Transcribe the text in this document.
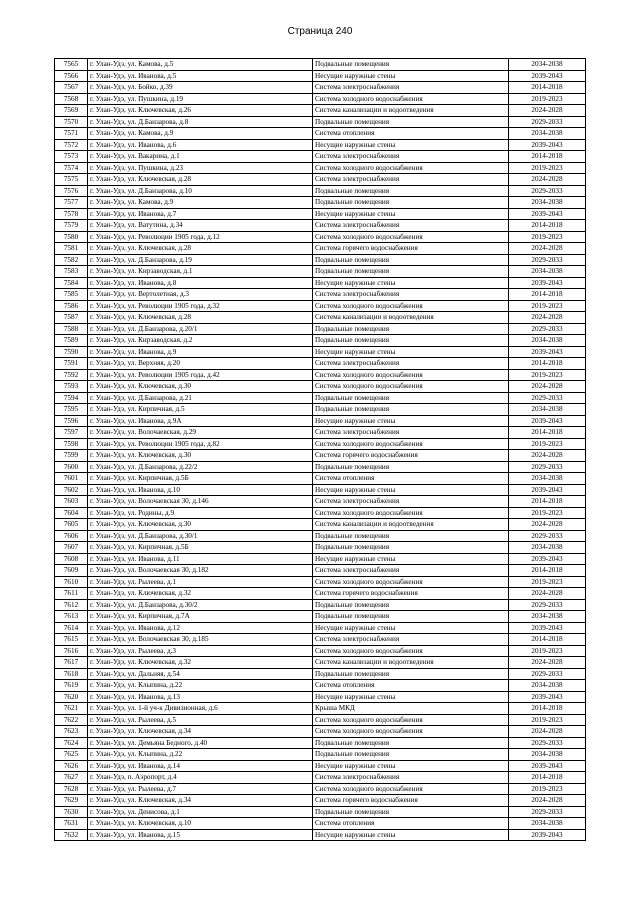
Страница 240
7565	г. Улан-Удэ, ул. Камова, д.5	Подвальные помещения	2034-2038
7566	г. Улан-Удэ, ул. Иванова, д.5	Несущие наружные стены	2039-2043
7567	г. Улан-Удэ, ул. Бойко, д.39	Система электроснабжения	2014-2018
7568	г. Улан-Удэ, ул. Пушкина, д.19	Система холодного водоснабжения	2019-2023
7569	г. Улан-Удэ, ул. Ключевская, д.26	Система канализации и водоотведения	2024-2028
7570	г. Улан-Удэ, ул. Д.Банзарова, д.8	Подвальные помещения	2029-2033
7571	г. Улан-Удэ, ул. Камова, д.9	Система отопления	2034-2038
7572	г. Улан-Удэ, ул. Иванова, д.6	Несущие наружные стены	2039-2043
7573	г. Улан-Удэ, ул. Вакарина, д.1	Система электроснабжения	2014-2018
7574	г. Улан-Удэ, ул. Пушкина, д.23	Система холодного водоснабжения	2019-2023
7575	г. Улан-Удэ, ул. Ключевская, д.28	Система электроснабжения	2024-2028
7576	г. Улан-Удэ, ул. Д.Банзарова, д.10	Подвальные помещения	2029-2033
7577	г. Улан-Удэ, ул. Камова, д.9	Подвальные помещения	2034-2038
7578	г. Улан-Удэ, ул. Иванова, д.7	Несущие наружные стены	2039-2043
7579	г. Улан-Удэ, ул. Ватутина, д.34	Система электроснабжения	2014-2018
7580	г. Улан-Удэ, ул. Революции 1905 года, д.12	Система холодного водоснабжения	2019-2023
7581	г. Улан-Удэ, ул. Ключевская, д.28	Система горячего водоснабжения	2024-2028
7582	г. Улан-Удэ, ул. Д.Банзарова, д.19	Подвальные помещения	2029-2033
7583	г. Улан-Удэ, ул. Кирзаводская, д.1	Подвальные помещения	2034-2038
7584	г. Улан-Удэ, ул. Иванова, д.8	Несущие наружные стены	2039-2043
7585	г. Улан-Удэ, ул. Вертолетная, д.3	Система электроснабжения	2014-2018
7586	г. Улан-Удэ, ул. Революции 1905 года, д.32	Система холодного водоснабжения	2019-2023
7587	г. Улан-Удэ, ул. Ключевская, д.28	Система канализации и водоотведения	2024-2028
7588	г. Улан-Удэ, ул. Д.Банзарова, д.20/1	Подвальные помещения	2029-2033
7589	г. Улан-Удэ, ул. Кирзаводская, д.2	Подвальные помещения	2034-2038
7590	г. Улан-Удэ, ул. Иванова, д.9	Несущие наружные стены	2039-2043
7591	г. Улан-Удэ, ул. Верхняя, д.20	Система электроснабжения	2014-2018
7592	г. Улан-Удэ, ул. Революции 1905 года, д.42	Система холодного водоснабжения	2019-2023
7593	г. Улан-Удэ, ул. Ключевская, д.30	Система холодного водоснабжения	2024-2028
7594	г. Улан-Удэ, ул. Д.Банзарова, д.21	Подвальные помещения	2029-2033
7595	г. Улан-Удэ, ул. Кирпичная, д.5	Подвальные помещения	2034-2038
7596	г. Улан-Удэ, ул. Иванова, д.9А	Несущие наружные стены	2039-2043
7597	г. Улан-Удэ, ул. Волочаевская, д.29	Система электроснабжения	2014-2018
7598	г. Улан-Удэ, ул. Революции 1905 года, д.82	Система холодного водоснабжения	2019-2023
7599	г. Улан-Удэ, ул. Ключевская, д.30	Система горячего водоснабжения	2024-2028
7600	г. Улан-Удэ, ул. Д.Банзарова, д.22/2	Подвальные помещения	2029-2033
7601	г. Улан-Удэ, ул. Кирпичная, д.5Б	Система отопления	2034-2038
7602	г. Улан-Удэ, ул. Иванова, д.10	Несущие наружные стены	2039-2043
7603	г. Улан-Удэ, ул. Волочаевская 30, д.146	Система электроснабжения	2014-2018
7604	г. Улан-Удэ, ул. Родины, д.9	Система холодного водоснабжения	2019-2023
7605	г. Улан-Удэ, ул. Ключевская, д.30	Система канализации и водоотведения	2024-2028
7606	г. Улан-Удэ, ул. Д.Банзарова, д.30/1	Подвальные помещения	2029-2033
7607	г. Улан-Удэ, ул. Кирпичная, д.5Б	Подвальные помещения	2034-2038
7608	г. Улан-Удэ, ул. Иванова, д.11	Несущие наружные стены	2039-2043
7609	г. Улан-Удэ, ул. Волочаевская 30, д.182	Система электроснабжения	2014-2018
7610	г. Улан-Удэ, ул. Рылеева, д.1	Система холодного водоснабжения	2019-2023
7611	г. Улан-Удэ, ул. Ключевская, д.32	Система горячего водоснабжения	2024-2028
7612	г. Улан-Удэ, ул. Д.Банзарова, д.30/2	Подвальные помещения	2029-2033
7613	г. Улан-Удэ, ул. Кирпичная, д.7А	Подвальные помещения	2034-2038
7614	г. Улан-Удэ, ул. Иванова, д.12	Несущие наружные стены	2039-2043
7615	г. Улан-Удэ, ул. Волочаевская 30, д.185	Система электроснабжения	2014-2018
7616	г. Улан-Удэ, ул. Рылеева, д.3	Система холодного водоснабжения	2019-2023
7617	г. Улан-Удэ, ул. Ключевская, д.32	Система канализации и водоотведения	2024-2028
7618	г. Улан-Удэ, ул. Дальняя, д.54	Подвальные помещения	2029-2033
7619	г. Улан-Удэ, ул. Клыпина, д.22	Система отопления	2034-2038
7620	г. Улан-Удэ, ул. Иванова, д.13	Несущие наружные стены	2039-2043
7621	г. Улан-Удэ, ул. 1-й уч-к Дивизионная, д.6	Крыша МКД	2014-2018
7622	г. Улан-Удэ, ул. Рылеева, д.5	Система холодного водоснабжения	2019-2023
7623	г. Улан-Удэ, ул. Ключевская, д.34	Система холодного водоснабжения	2024-2028
7624	г. Улан-Удэ, ул. Демьяна Бедного, д.40	Подвальные помещения	2029-2033
7625	г. Улан-Удэ, ул. Клыпина, д.22	Подвальные помещения	2034-2038
7626	г. Улан-Удэ, ул. Иванова, д.14	Несущие наружные стены	2039-2043
7627	г. Улан-Удэ, п. Аэропорт, д.4	Система электроснабжения	2014-2018
7628	г. Улан-Удэ, ул. Рылеева, д.7	Система холодного водоснабжения	2019-2023
7629	г. Улан-Удэ, ул. Ключевская, д.34	Система горячего водоснабжения	2024-2028
7630	г. Улан-Удэ, ул. Денисова, д.1	Подвальные помещения	2029-2033
7631	г. Улан-Удэ, ул. Ключевская, д.10	Система отопления	2034-2038
7632	г. Улан-Удэ, ул. Иванова, д.15	Несущие наружные стены	2039-2043
